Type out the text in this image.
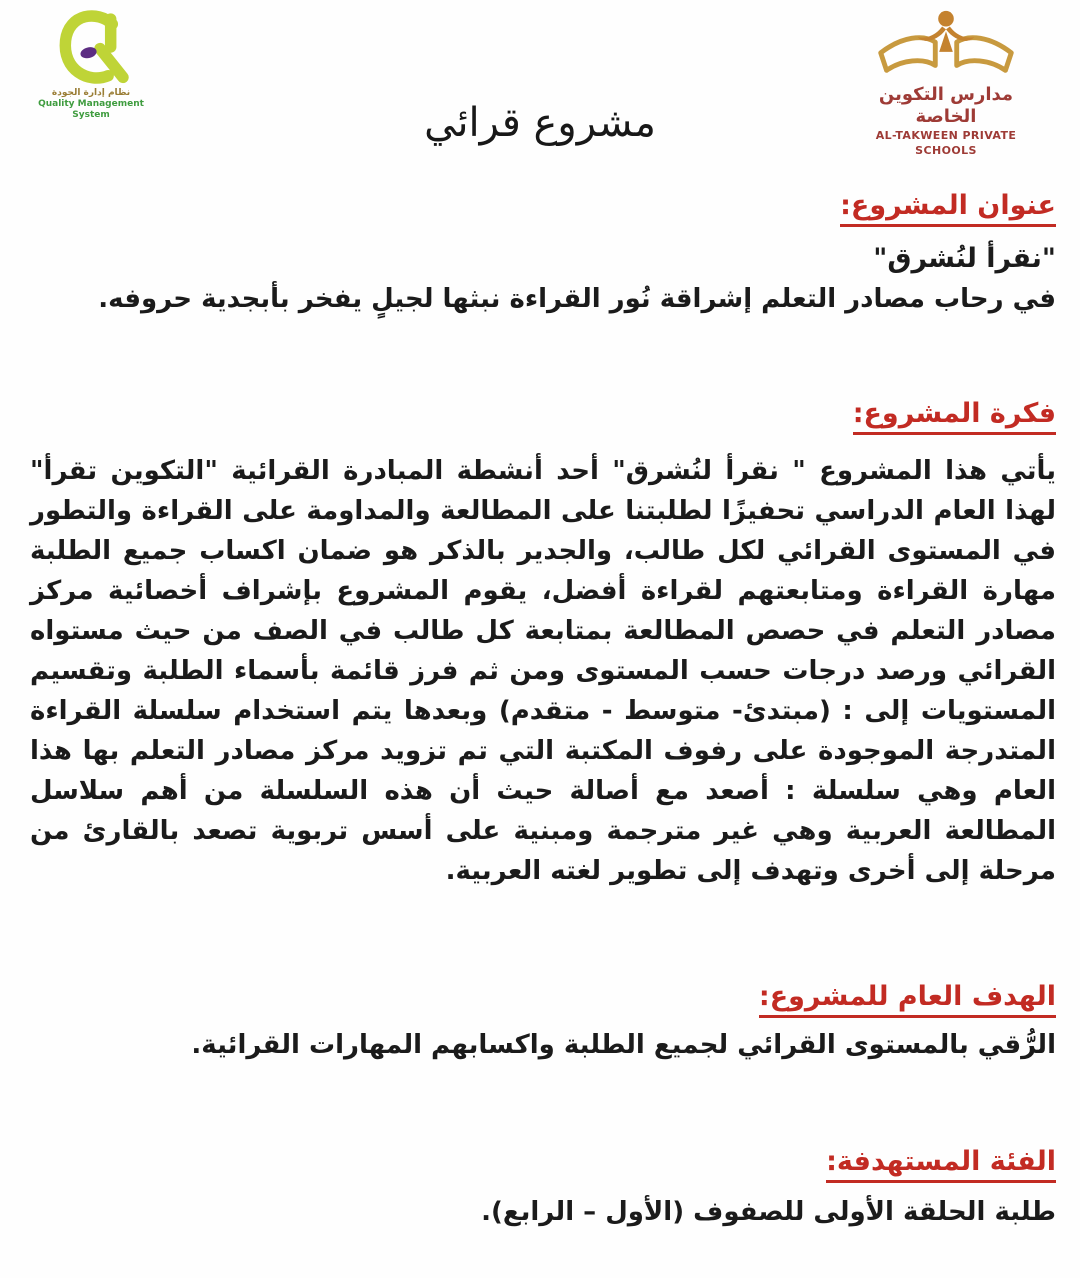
نظام إدارة الجودة
Quality Management System
مدارس التكوين الخاصة
AL-TAKWEEN PRIVATE SCHOOLS
مشروع قرائي
عنوان المشروع:
"نقرأ لنُشرق"
في رحاب مصادر التعلم إشراقة نُور القراءة نبثها لجيلٍ يفخر بأبجدية حروفه.
فكرة المشروع:
يأتي هذا المشروع " نقرأ لنُشرق" أحد أنشطة المبادرة القرائية "التكوين تقرأ" لهذا العام الدراسي تحفيزًا لطلبتنا على المطالعة والمداومة على القراءة والتطور في المستوى القرائي لكل طالب، والجدير بالذكر هو ضمان اكساب جميع الطلبة مهارة القراءة ومتابعتهم لقراءة أفضل، يقوم المشروع بإشراف أخصائية مركز مصادر التعلم في حصص المطالعة بمتابعة كل طالب في الصف من حيث مستواه القرائي ورصد درجات حسب المستوى ومن ثم فرز قائمة بأسماء الطلبة وتقسيم المستويات إلى : (مبتدئ- متوسط - متقدم) وبعدها يتم استخدام سلسلة القراءة المتدرجة الموجودة على رفوف المكتبة التي تم تزويد مركز مصادر التعلم بها هذا العام وهي سلسلة : أصعد مع أصالة حيث أن هذه السلسلة من أهم سلاسل المطالعة العربية وهي غير مترجمة ومبنية على أسس تربوية تصعد بالقارئ من مرحلة إلى أخرى وتهدف إلى تطوير لغته العربية.
الهدف العام للمشروع:
الرُّقي بالمستوى القرائي لجميع الطلبة واكسابهم المهارات القرائية.
الفئة المستهدفة:
طلبة الحلقة الأولى للصفوف (الأول – الرابع).
